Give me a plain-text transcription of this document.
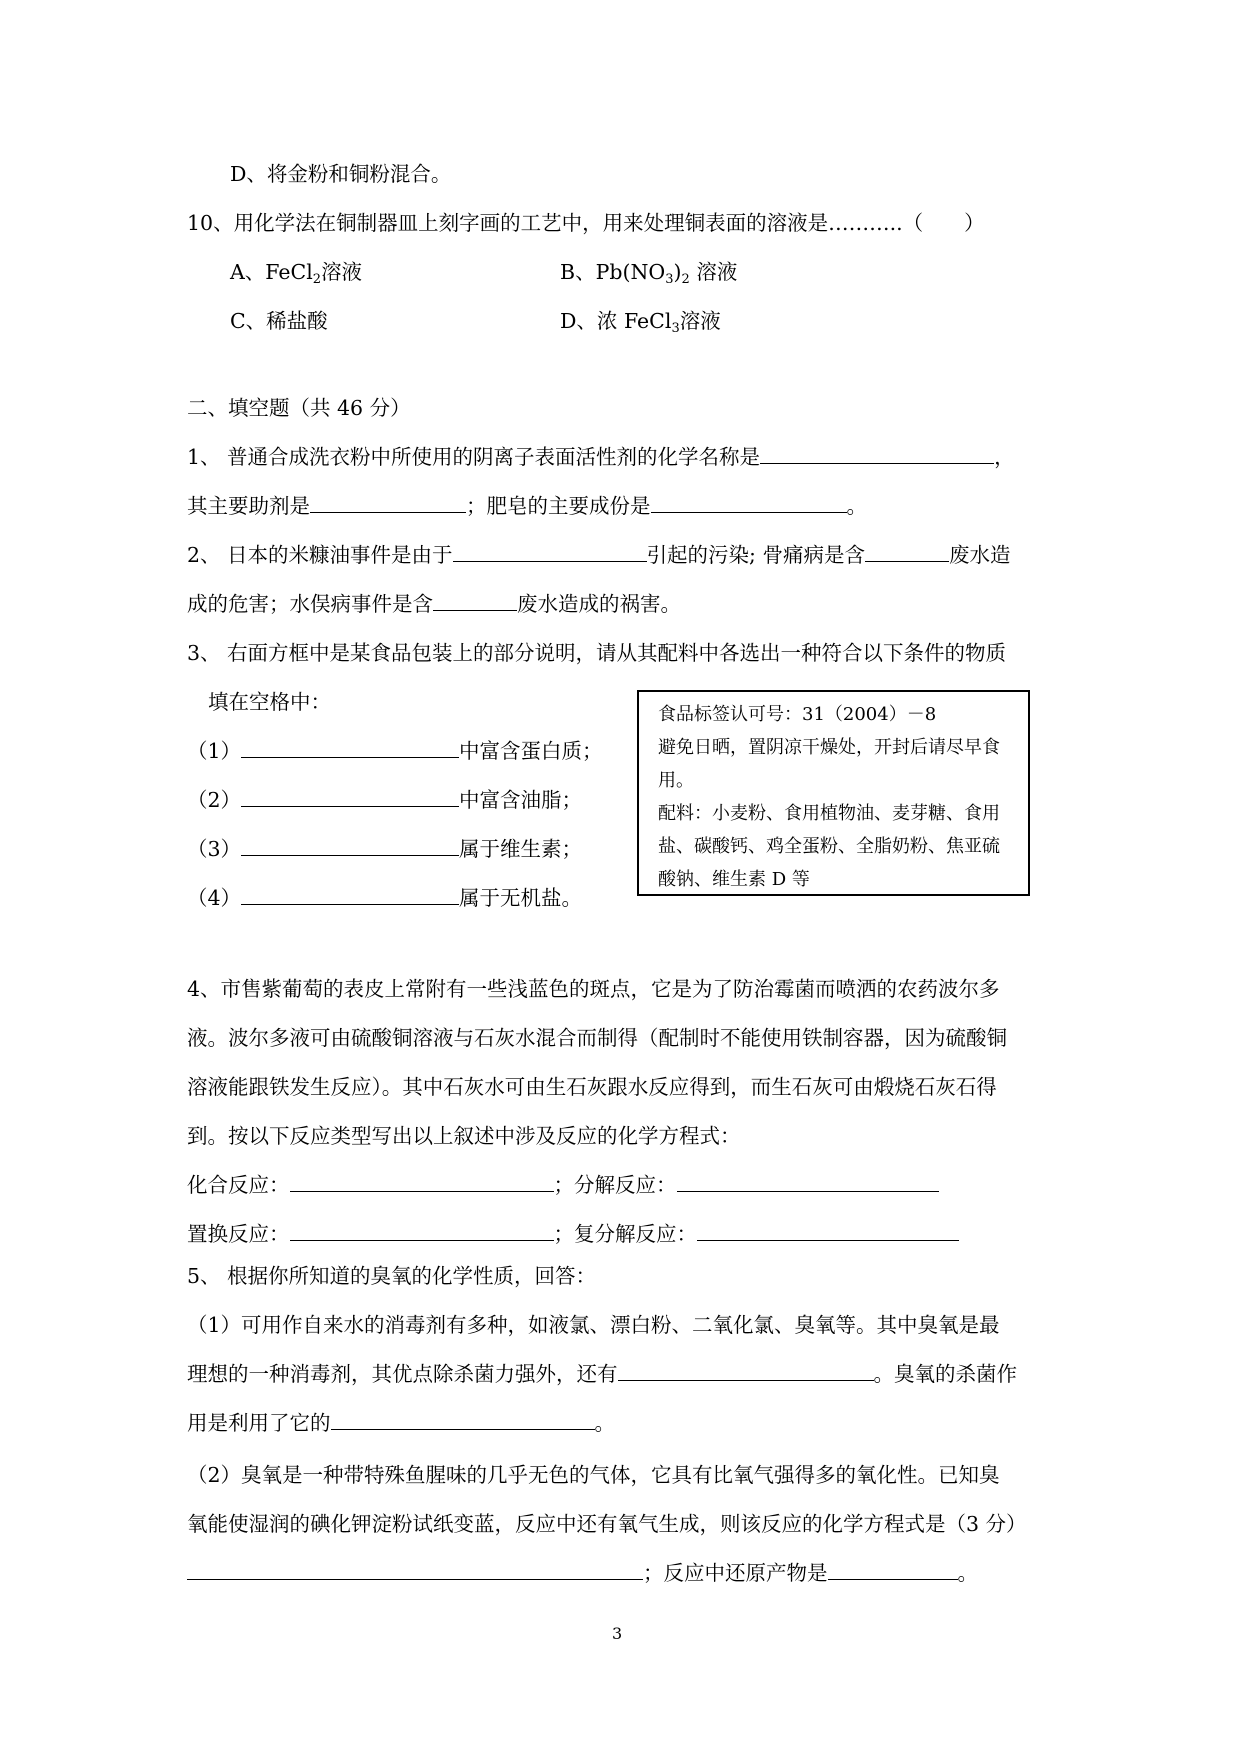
D、将金粉和铜粉混合。
10、用化学法在铜制器皿上刻字画的工艺中，用来处理铜表面的溶液是………..（　　）
A、FeCl$_2$溶液	B、$Pb(NO_3)_2$ 溶液
C、稀盐酸	D、浓 FeCl$_3$溶液
二、填空题（共 46 分）
1、 普通合成洗衣粉中所使用的阴离子表面活性剂的化学名称是	，
其主要助剂是	；肥皂的主要成份是	。
2、 日本的米糠油事件是由于	引起的污染; 骨痛病是含	废水造
成的危害；水俣病事件是含	废水造成的祸害。
3、 右面方框中是某食品包装上的部分说明，请从其配料中各选出一种符合以下条件的物质
填在空格中：
（1）	中富含蛋白质；
（2）	中富含油脂；
（3）	属于维生素；
（4）	属于无机盐。
食品标签认可号：31（2004）－8
避免日晒，置阴凉干燥处，开封后请尽早食
用。
配料：小麦粉、食用植物油、麦芽糖、食用
盐、碳酸钙、鸡全蛋粉、全脂奶粉、焦亚硫
酸钠、维生素 D 等
4、市售紫葡萄的表皮上常附有一些浅蓝色的斑点，它是为了防治霉菌而喷洒的农药波尔多
液。波尔多液可由硫酸铜溶液与石灰水混合而制得（配制时不能使用铁制容器，因为硫酸铜
溶液能跟铁发生反应）。其中石灰水可由生石灰跟水反应得到，而生石灰可由煅烧石灰石得
到。按以下反应类型写出以上叙述中涉及反应的化学方程式：
化合反应：	；分解反应：
置换反应：	；复分解反应：
5、 根据你所知道的臭氧的化学性质，回答：
（1）可用作自来水的消毒剂有多种，如液氯、漂白粉、二氧化氯、臭氧等。其中臭氧是最
理想的一种消毒剂，其优点除杀菌力强外，还有	。臭氧的杀菌作
用是利用了它的	。
（2）臭氧是一种带特殊鱼腥味的几乎无色的气体，它具有比氧气强得多的氧化性。已知臭
氧能使湿润的碘化钾淀粉试纸变蓝，反应中还有氧气生成，则该反应的化学方程式是（3 分）
；反应中还原产物是	。
3
